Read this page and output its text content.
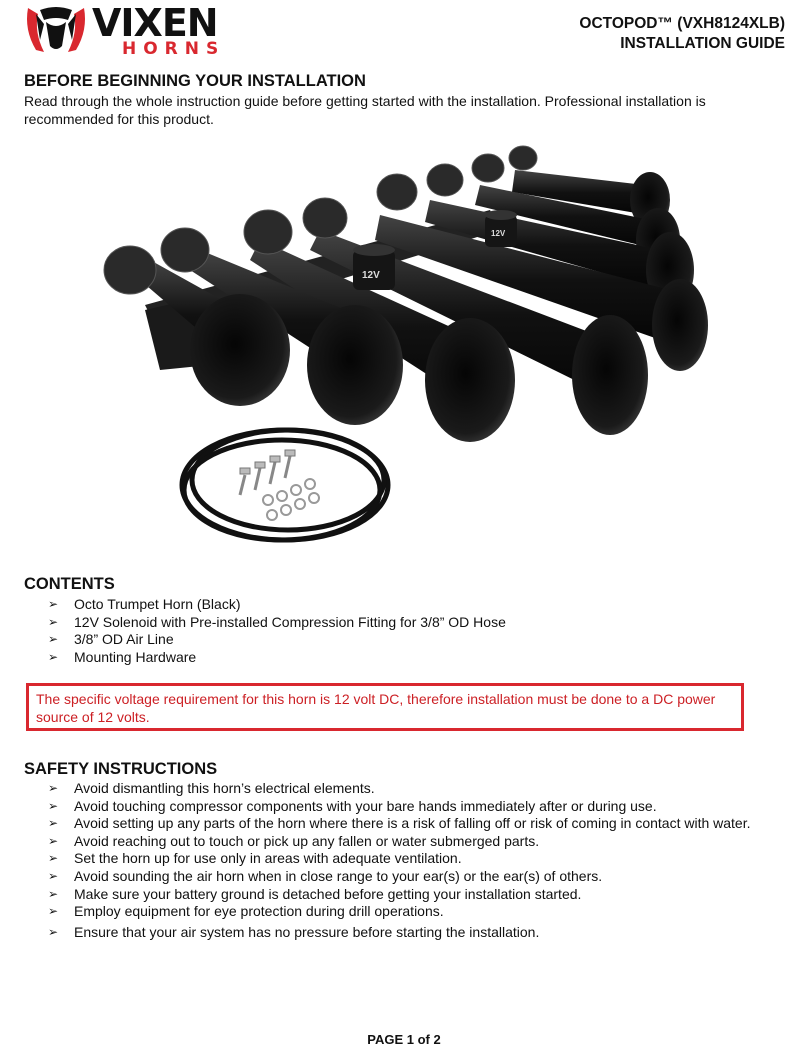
VIXEN
HORNS
OCTOPOD™ (VXH8124XLB)
INSTALLATION GUIDE
BEFORE BEGINNING YOUR INSTALLATION

Read through the whole instruction guide before getting started with the installation. Professional installation is recommended for this product.

12V
12V
CONTENTS
➢ Octo Trumpet Horn (Black)
➢ 12V Solenoid with Pre-installed Compression Fitting for 3/8” OD Hose
➢ 3/8” OD Air Line
➢ Mounting Hardware

The specific voltage requirement for this horn is 12 volt DC, therefore installation must be done to a DC power source of 12 volts.

SAFETY INSTRUCTIONS
➢ Avoid dismantling this horn’s electrical elements.
➢ Avoid touching compressor components with your bare hands immediately after or during use.
➢ Avoid setting up any parts of the horn where there is a risk of falling off or risk of coming in contact with water.
➢ Avoid reaching out to touch or pick up any fallen or water submerged parts.
➢ Set the horn up for use only in areas with adequate ventilation.
➢ Avoid sounding the air horn when in close range to your ear(s) or the ear(s) of others.
➢ Make sure your battery ground is detached before getting your installation started.
➢ Employ equipment for eye protection during drill operations.
➢ Ensure that your air system has no pressure before starting the installation.
PAGE 1 of 2
